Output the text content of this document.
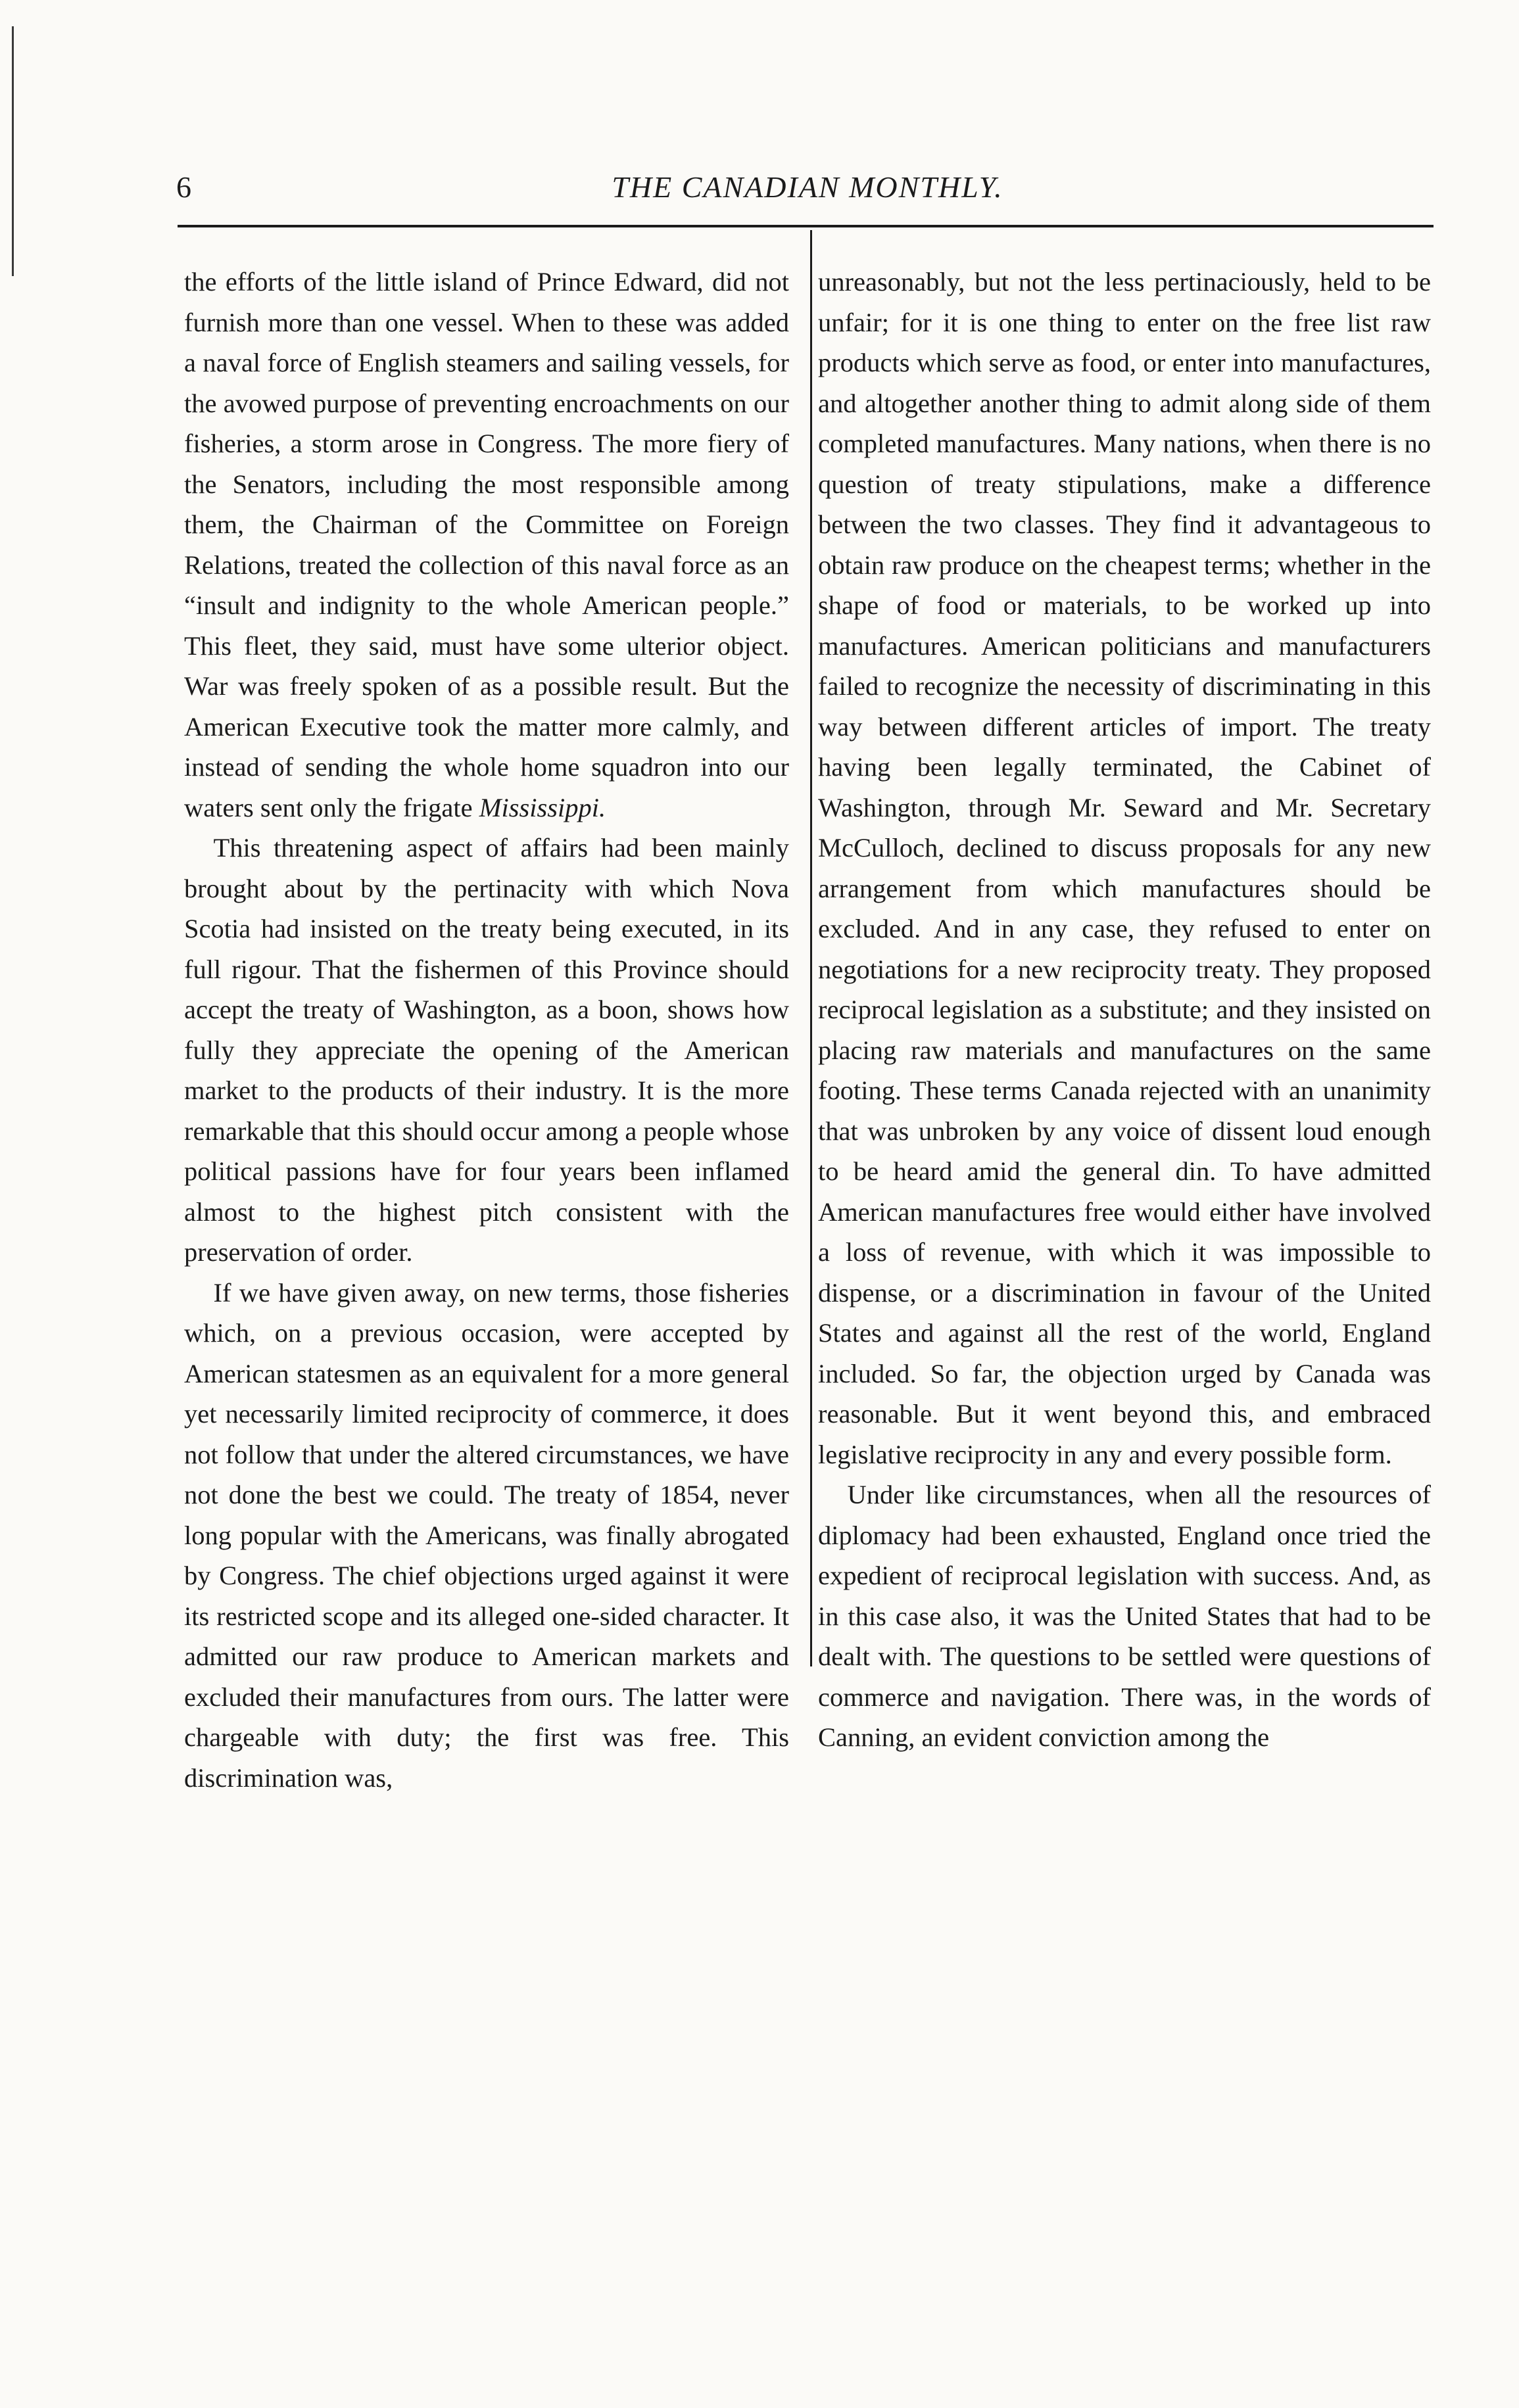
6	THE CANADIAN MONTHLY.

the efforts of the little island of Prince Edward, did not furnish more than one vessel. When to these was added a naval force of English steamers and sailing vessels, for the avowed purpose of preventing encroachments on our fisheries, a storm arose in Congress. The more fiery of the Senators, including the most responsible among them, the Chairman of the Committee on Foreign Relations, treated the collection of this naval force as an “insult and indignity to the whole American people.” This fleet, they said, must have some ulterior object. War was freely spoken of as a possible result. But the American Executive took the matter more calmly, and instead of sending the whole home squadron into our waters sent only the frigate Mississippi.

This threatening aspect of affairs had been mainly brought about by the pertinacity with which Nova Scotia had insisted on the treaty being executed, in its full rigour. That the fishermen of this Province should accept the treaty of Washington, as a boon, shows how fully they appreciate the opening of the American market to the products of their industry. It is the more remarkable that this should occur among a people whose political passions have for four years been inflamed almost to the highest pitch consistent with the preservation of order.

If we have given away, on new terms, those fisheries which, on a previous occasion, were accepted by American statesmen as an equivalent for a more general yet necessarily limited reciprocity of commerce, it does not follow that under the altered circumstances, we have not done the best we could. The treaty of 1854, never long popular with the Americans, was finally abrogated by Congress. The chief objections urged against it were its restricted scope and its alleged one-sided character. It admitted our raw produce to American markets and excluded their manufactures from ours. The latter were chargeable with duty; the first was free. This discrimination was,

unreasonably, but not the less pertinaciously, held to be unfair; for it is one thing to enter on the free list raw products which serve as food, or enter into manufactures, and altogether another thing to admit along side of them completed manufactures. Many nations, when there is no question of treaty stipulations, make a difference between the two classes. They find it advantageous to obtain raw produce on the cheapest terms; whether in the shape of food or materials, to be worked up into manufactures. American politicians and manufacturers failed to recognize the necessity of discriminating in this way between different articles of import. The treaty having been legally terminated, the Cabinet of Washington, through Mr. Seward and Mr. Secretary McCulloch, declined to discuss proposals for any new arrangement from which manufactures should be excluded. And in any case, they refused to enter on negotiations for a new reciprocity treaty. They proposed reciprocal legislation as a substitute; and they insisted on placing raw materials and manufactures on the same footing. These terms Canada rejected with an unanimity that was unbroken by any voice of dissent loud enough to be heard amid the general din. To have admitted American manufactures free would either have involved a loss of revenue, with which it was impossible to dispense, or a discrimination in favour of the United States and against all the rest of the world, England included. So far, the objection urged by Canada was reasonable. But it went beyond this, and embraced legislative reciprocity in any and every possible form.

Under like circumstances, when all the resources of diplomacy had been exhausted, England once tried the expedient of reciprocal legislation with success. And, as in this case also, it was the United States that had to be dealt with. The questions to be settled were questions of commerce and navigation. There was, in the words of Canning, an evident conviction among the
